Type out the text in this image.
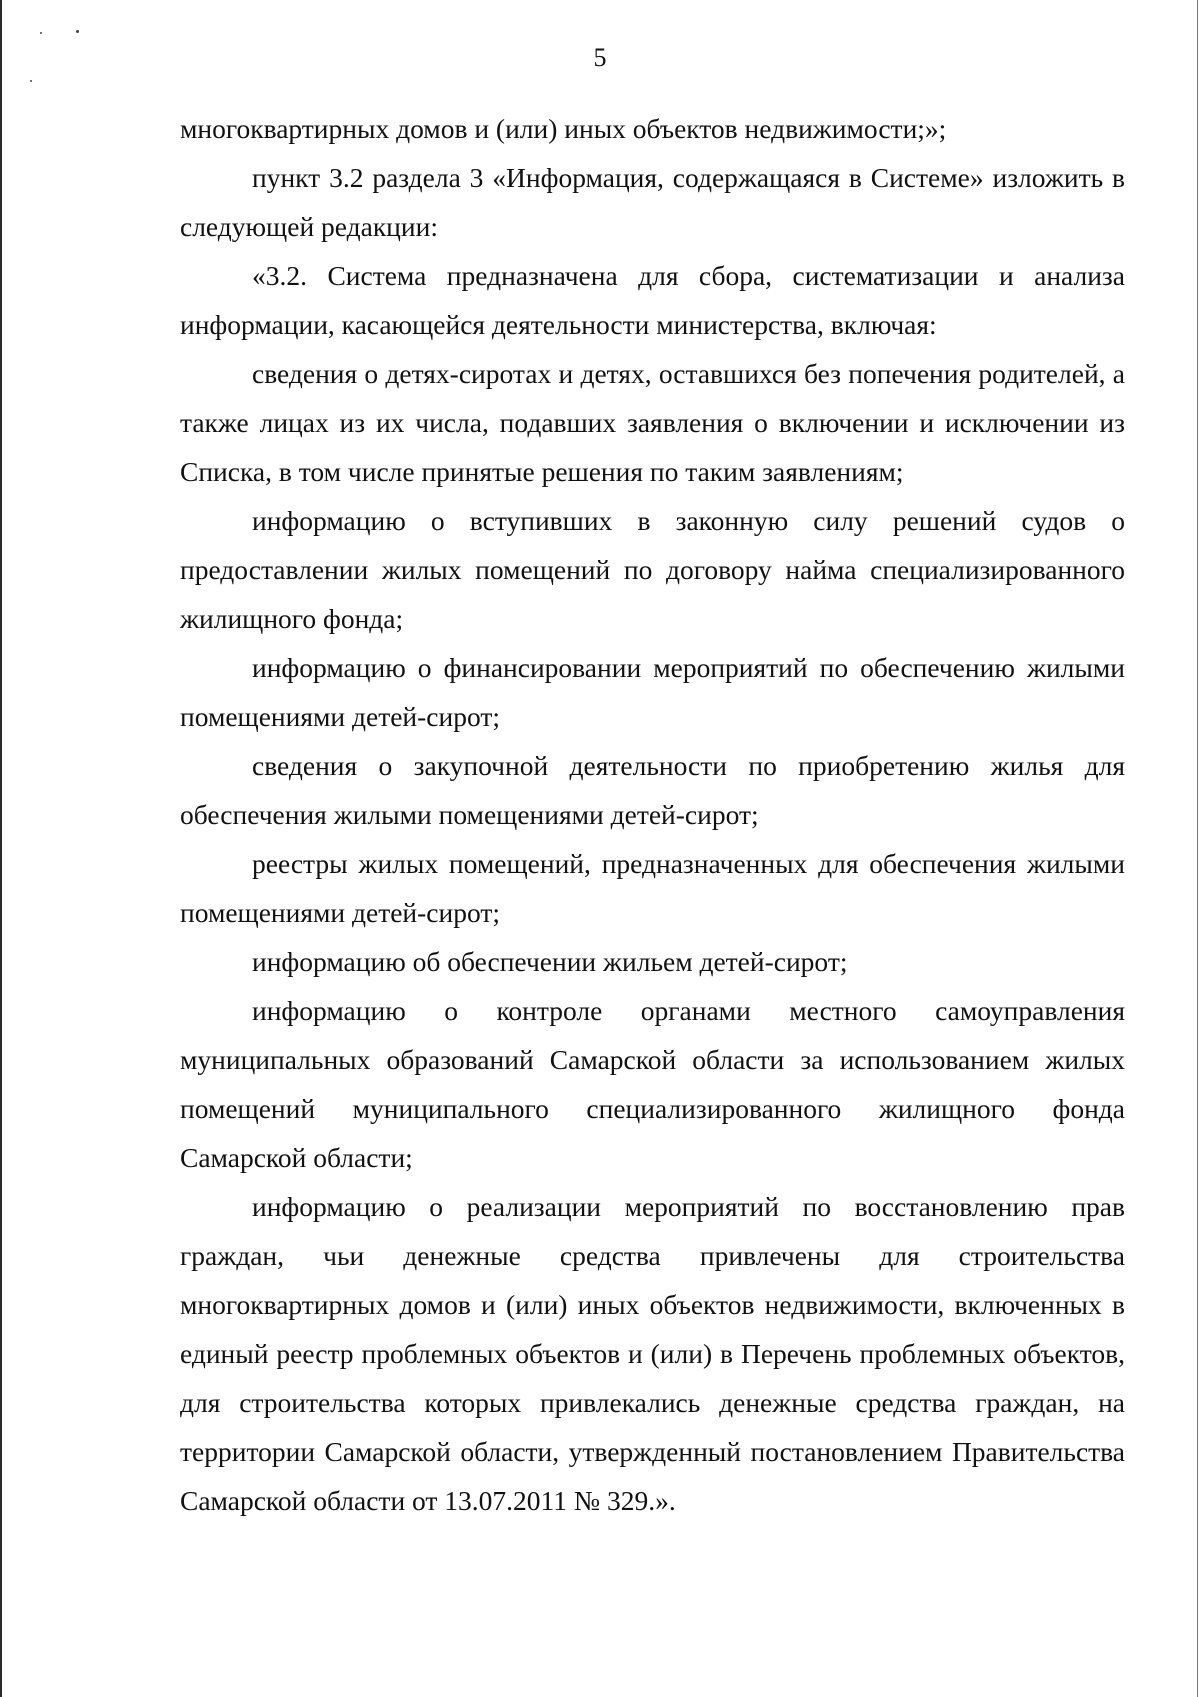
5

многоквартирных домов и (или) иных объектов недвижимости;»;

пункт 3.2 раздела 3 «Информация, содержащаяся в Системе» изложить в следующей редакции:

«3.2. Система предназначена для сбора, систематизации и анализа информации, касающейся деятельности министерства, включая:

сведения о детях-сиротах и детях, оставшихся без попечения родителей, а также лицах из их числа, подавших заявления о включении и исключении из Списка, в том числе принятые решения по таким заявлениям;

информацию о вступивших в законную силу решений судов о предоставлении жилых помещений по договору найма специализированного жилищного фонда;

информацию о финансировании мероприятий по обеспечению жилыми помещениями детей-сирот;

сведения о закупочной деятельности по приобретению жилья для обеспечения жилыми помещениями детей-сирот;

реестры жилых помещений, предназначенных для обеспечения жилыми помещениями детей-сирот;

информацию об обеспечении жильем детей-сирот;

информацию о контроле органами местного самоуправления муниципальных образований Самарской области за использованием жилых помещений муниципального специализированного жилищного фонда Самарской области;

информацию о реализации мероприятий по восстановлению прав граждан, чьи денежные средства привлечены для строительства многоквартирных домов и (или) иных объектов недвижимости, включенных в единый реестр проблемных объектов и (или) в Перечень проблемных объектов, для строительства которых привлекались денежные средства граждан, на территории Самарской области, утвержденный постановлением Правительства Самарской области от 13.07.2011 № 329.».
